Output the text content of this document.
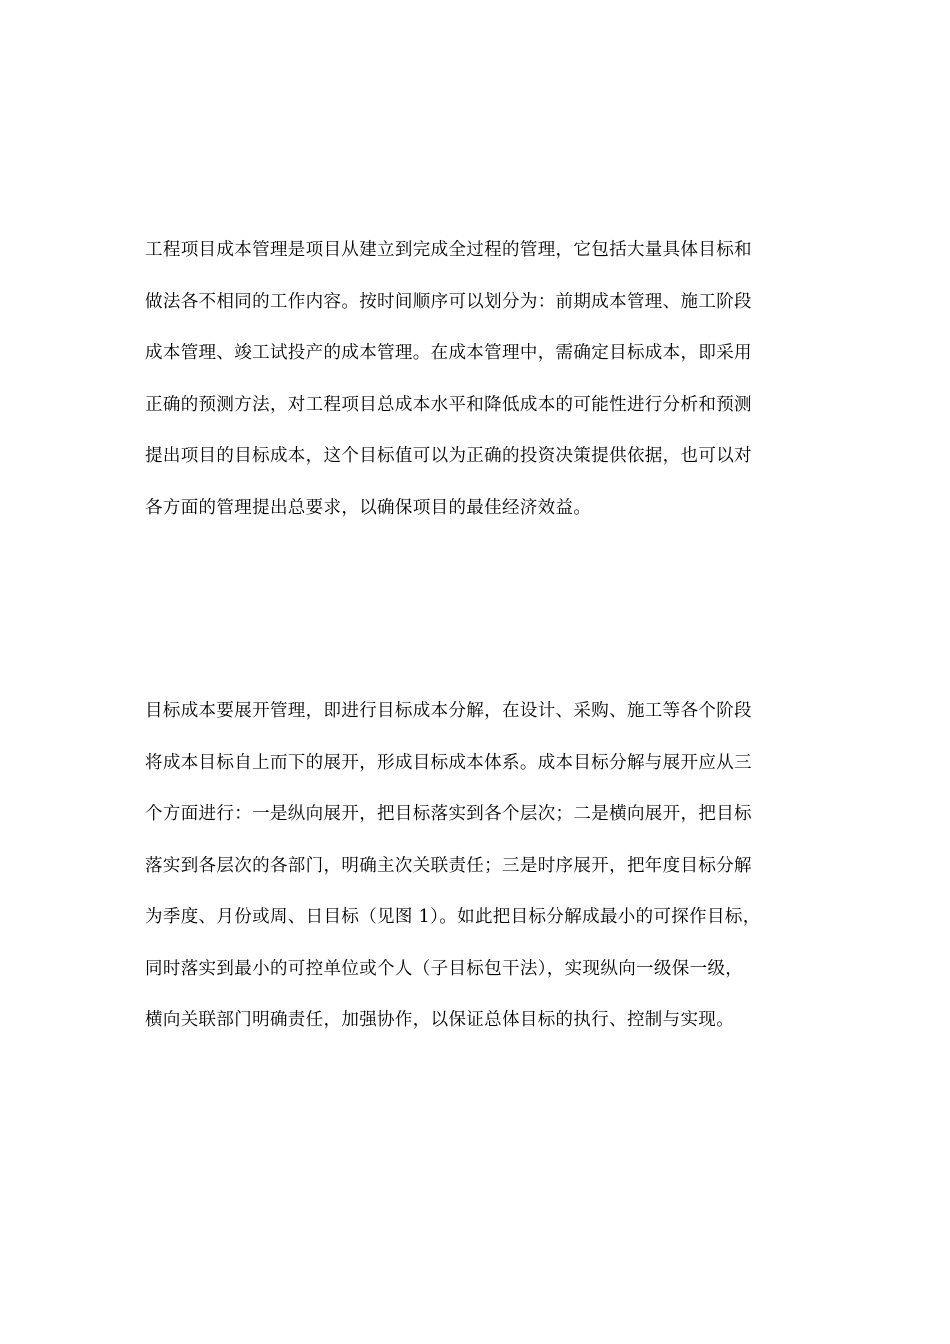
工程项目成本管理是项目从建立到完成全过程的管理，它包括大量具体目标和
做法各不相同的工作内容。按时间顺序可以划分为：前期成本管理、施工阶段
成本管理、竣工试投产的成本管理。在成本管理中，需确定目标成本，即采用
正确的预测方法，对工程项目总成本水平和降低成本的可能性进行分析和预测
提出项目的目标成本，这个目标值可以为正确的投资决策提供依据，也可以对
各方面的管理提出总要求，以确保项目的最佳经济效益。
目标成本要展开管理，即进行目标成本分解，在设计、采购、施工等各个阶段
将成本目标自上而下的展开，形成目标成本体系。成本目标分解与展开应从三
个方面进行：一是纵向展开，把目标落实到各个层次；二是横向展开，把目标
落实到各层次的各部门，明确主次关联责任；三是时序展开，把年度目标分解
为季度、月份或周、日目标（见图 1）。如此把目标分解成最小的可探作目标，
同时落实到最小的可控单位或个人（子目标包干法），实现纵向一级保一级，
横向关联部门明确责任，加强协作，以保证总体目标的执行、控制与实现。
